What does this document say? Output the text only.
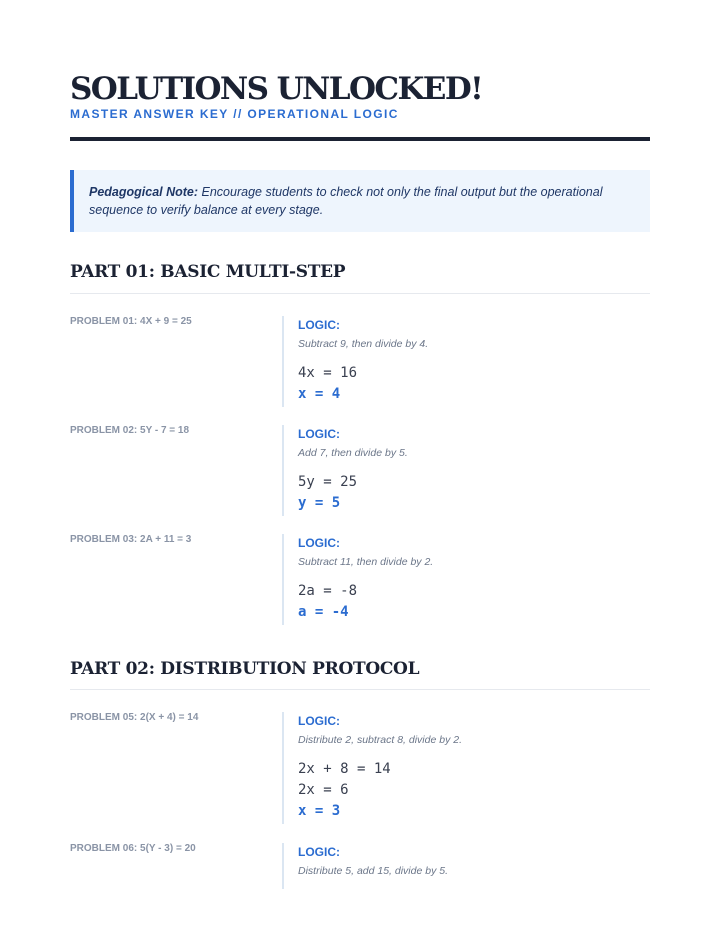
SOLUTIONS UNLOCKED!
MASTER ANSWER KEY // OPERATIONAL LOGIC
Pedagogical Note: Encourage students to check not only the final output but the operational sequence to verify balance at every stage.
PART 01: BASIC MULTI-STEP
PROBLEM 01: 4X + 9 = 25	LOGIC:
Subtract 9, then divide by 4.
4x = 16
x = 4
PROBLEM 02: 5Y - 7 = 18	LOGIC:
Add 7, then divide by 5.
5y = 25
y = 5
PROBLEM 03: 2A + 11 = 3	LOGIC:
Subtract 11, then divide by 2.
2a = -8
a = -4
PART 02: DISTRIBUTION PROTOCOL
PROBLEM 05: 2(X + 4) = 14	LOGIC:
Distribute 2, subtract 8, divide by 2.
2x + 8 = 14
2x = 6
x = 3
PROBLEM 06: 5(Y - 3) = 20	LOGIC:
Distribute 5, add 15, divide by 5.
